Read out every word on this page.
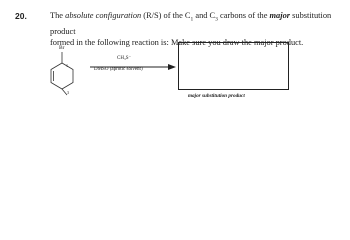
20.	The absolute configuration (R/S) of the $C_1$ and $C_3$ carbons of the major substitution product
formed in the following reaction is: Make sure you draw the major product.
Br
1
3
CH₃S⁻
DMSO (aprotic solvent)
major substitution product
